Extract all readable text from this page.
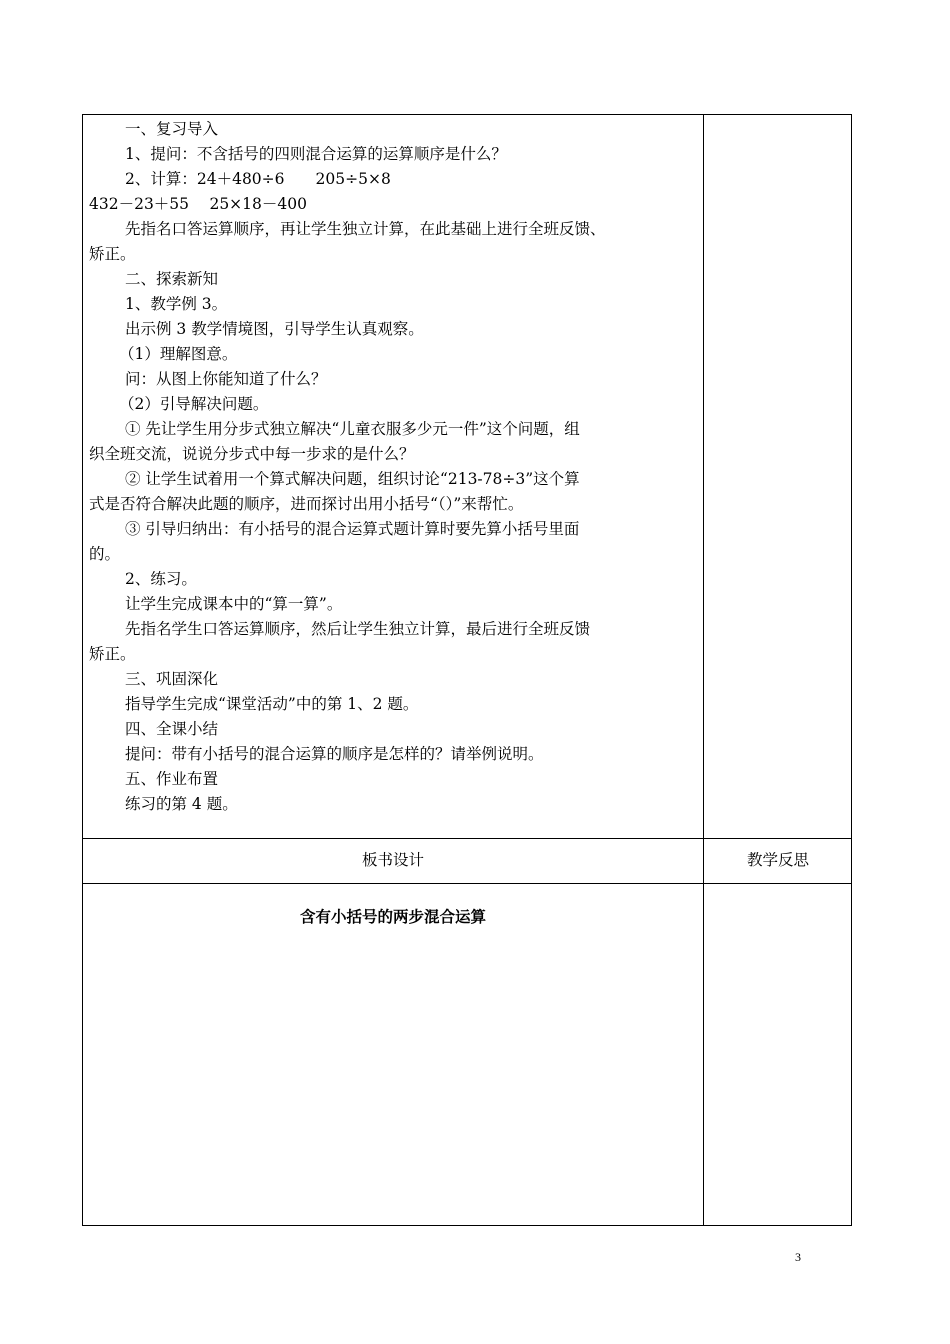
一、复习导入

1、提问：不含括号的四则混合运算的运算顺序是什么？

2、计算：24＋480÷6　　205÷5×8

432－23＋55　 25×18－400

先指名口答运算顺序，再让学生独立计算，在此基础上进行全班反馈、

矫正。

二、探索新知

1、教学例 3。

出示例 3 教学情境图，引导学生认真观察。

（1）理解图意。

问：从图上你能知道了什么？

（2）引导解决问题。

① 先让学生用分步式独立解决“儿童衣服多少元一件”这个问题，组

织全班交流，说说分步式中每一步求的是什么？

② 让学生试着用一个算式解决问题，组织讨论“213-78÷3”这个算

式是否符合解决此题的顺序，进而探讨出用小括号“（）”来帮忙。

③ 引导归纳出：有小括号的混合运算式题计算时要先算小括号里面

的。

2、练习。

让学生完成课本中的“算一算”。

先指名学生口答运算顺序，然后让学生独立计算，最后进行全班反馈

矫正。

三、巩固深化

指导学生完成“课堂活动”中的第 1、2 题。

四、全课小结

提问：带有小括号的混合运算的顺序是怎样的？请举例说明。

五、作业布置

练习的第 4 题。

板书设计	教学反思
含有小括号的两步混合运算
3
